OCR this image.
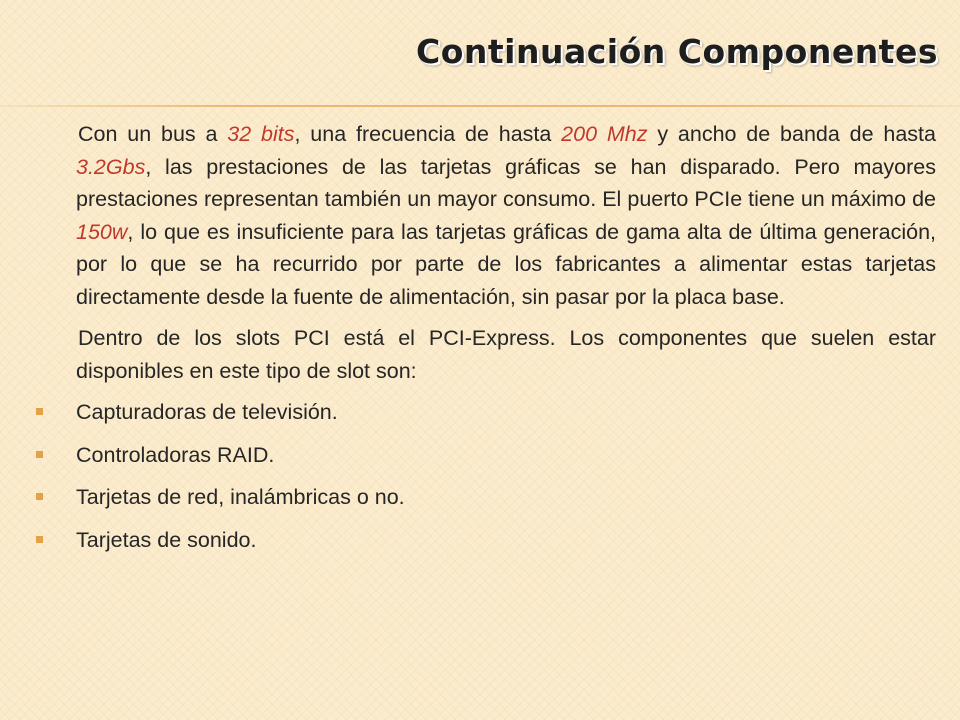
Continuación Componentes

Con un bus a 32 bits, una frecuencia de hasta 200 Mhz y ancho de banda de hasta 3.2Gbs, las prestaciones de las tarjetas gráficas se han disparado. Pero mayores prestaciones representan también un mayor consumo. El puerto PCIe tiene un máximo de 150w, lo que es insuficiente para las tarjetas gráficas de gama alta de última generación, por lo que se ha recurrido por parte de los fabricantes a alimentar estas tarjetas directamente desde la fuente de alimentación, sin pasar por la placa base.

Dentro de los slots PCI está el PCI-Express. Los componentes que suelen estar disponibles en este tipo de slot son:

Capturadoras de televisión.
Controladoras RAID.
Tarjetas de red, inalámbricas o no.
Tarjetas de sonido.
